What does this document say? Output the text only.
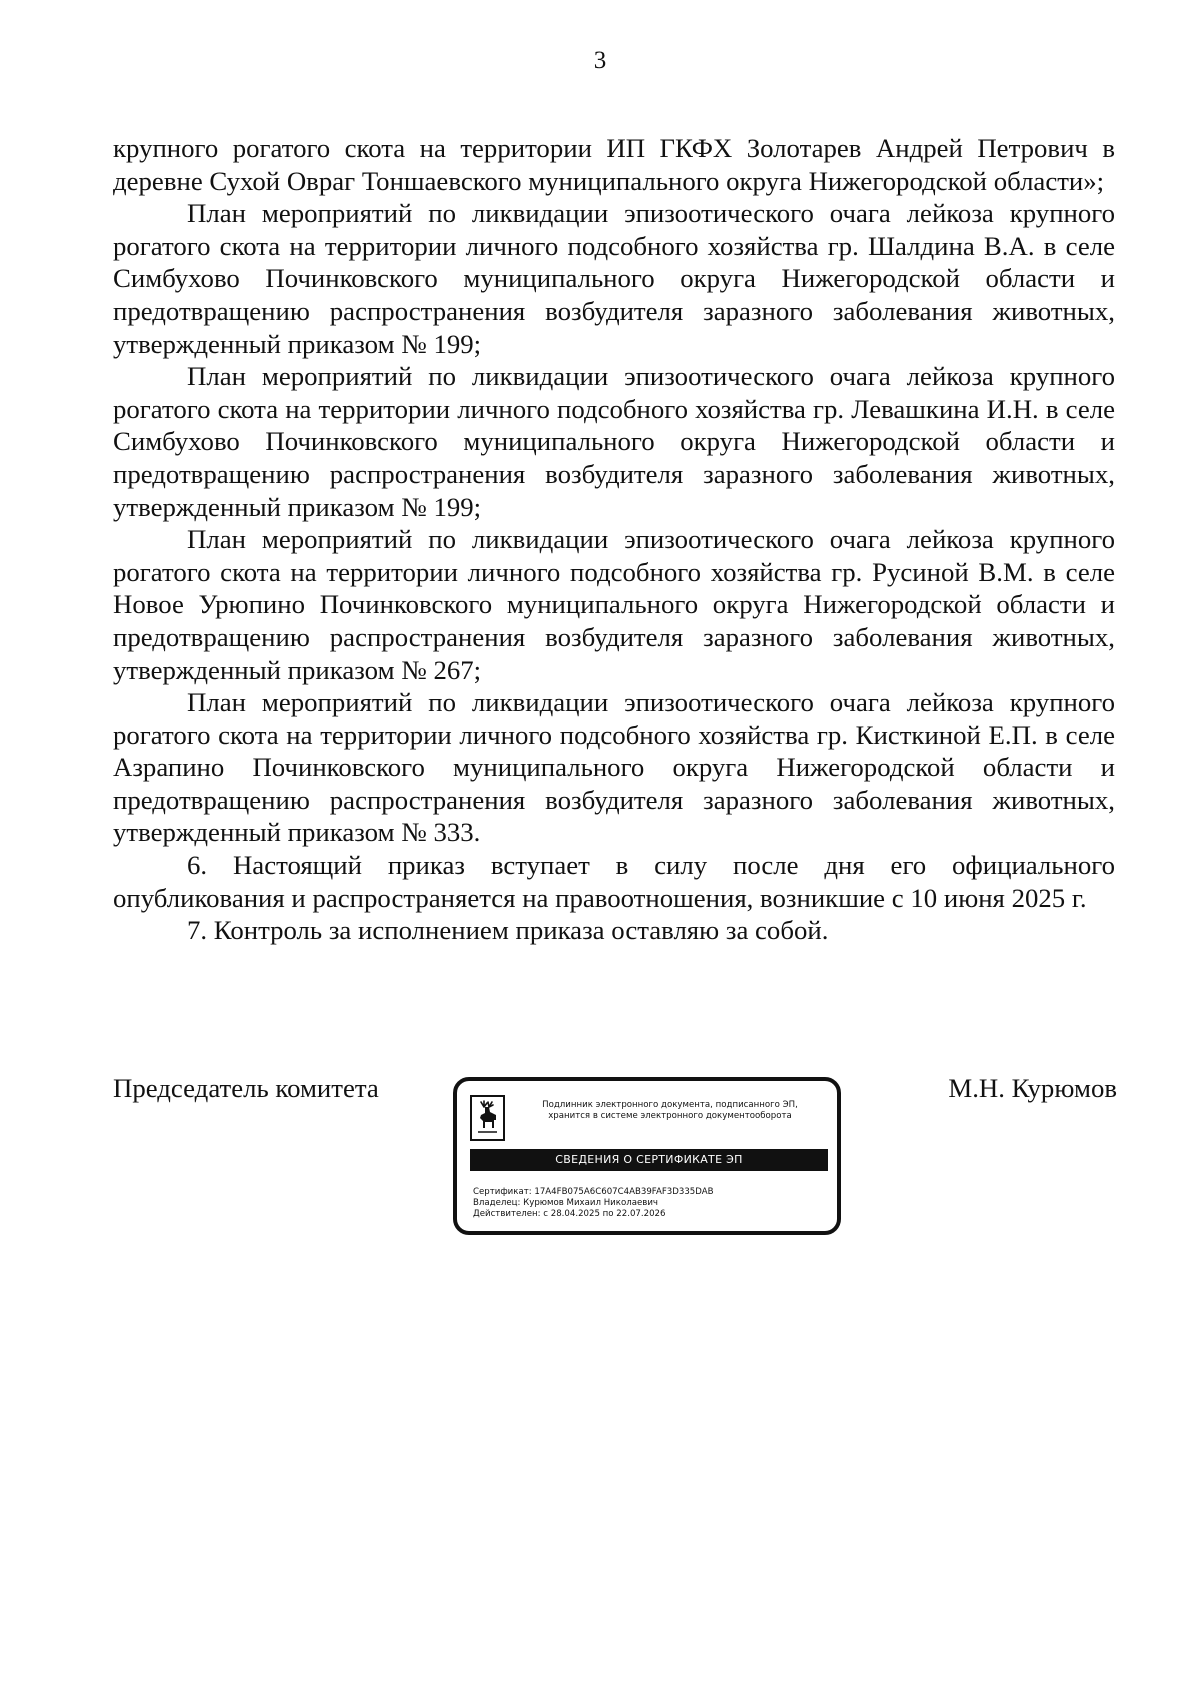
3

крупного рогатого скота на территории ИП ГКФХ Золотарев Андрей Петрович в деревне Сухой Овраг Тоншаевского муниципального округа Нижегородской области»;

План мероприятий по ликвидации эпизоотического очага лейкоза крупного рогатого скота на территории личного подсобного хозяйства гр. Шалдина В.А. в селе Симбухово Починковского муниципального округа Нижегородской области и предотвращению распространения возбудителя заразного заболевания животных, утвержденный приказом № 199;

План мероприятий по ликвидации эпизоотического очага лейкоза крупного рогатого скота на территории личного подсобного хозяйства гр. Левашкина И.Н. в селе Симбухово Починковского муниципального округа Нижегородской области и предотвращению распространения возбудителя заразного заболевания животных, утвержденный приказом № 199;

План мероприятий по ликвидации эпизоотического очага лейкоза крупного рогатого скота на территории личного подсобного хозяйства гр. Русиной В.М. в селе Новое Урюпино Починковского муниципального округа Нижегородской области и предотвращению распространения возбудителя заразного заболевания животных, утвержденный приказом № 267;

План мероприятий по ликвидации эпизоотического очага лейкоза крупного рогатого скота на территории личного подсобного хозяйства гр. Кисткиной Е.П. в селе Азрапино Починковского муниципального округа Нижегородской области и предотвращению распространения возбудителя заразного заболевания животных, утвержденный приказом № 333.

6. Настоящий приказ вступает в силу после дня его официального опубликования и распространяется на правоотношения, возникшие с 10 июня 2025 г.

7. Контроль за исполнением приказа оставляю за собой.

Председатель комитета
Подлинник электронного документа, подписанного ЭП,
хранится в системе электронного документооборота
СВЕДЕНИЯ О СЕРТИФИКАТЕ ЭП
Сертификат: 17A4FB075A6C607C4AB39FAF3D335DAB
Владелец: Курюмов Михаил Николаевич
Действителен: с 28.04.2025 по 22.07.2026
М.Н. Курюмов
